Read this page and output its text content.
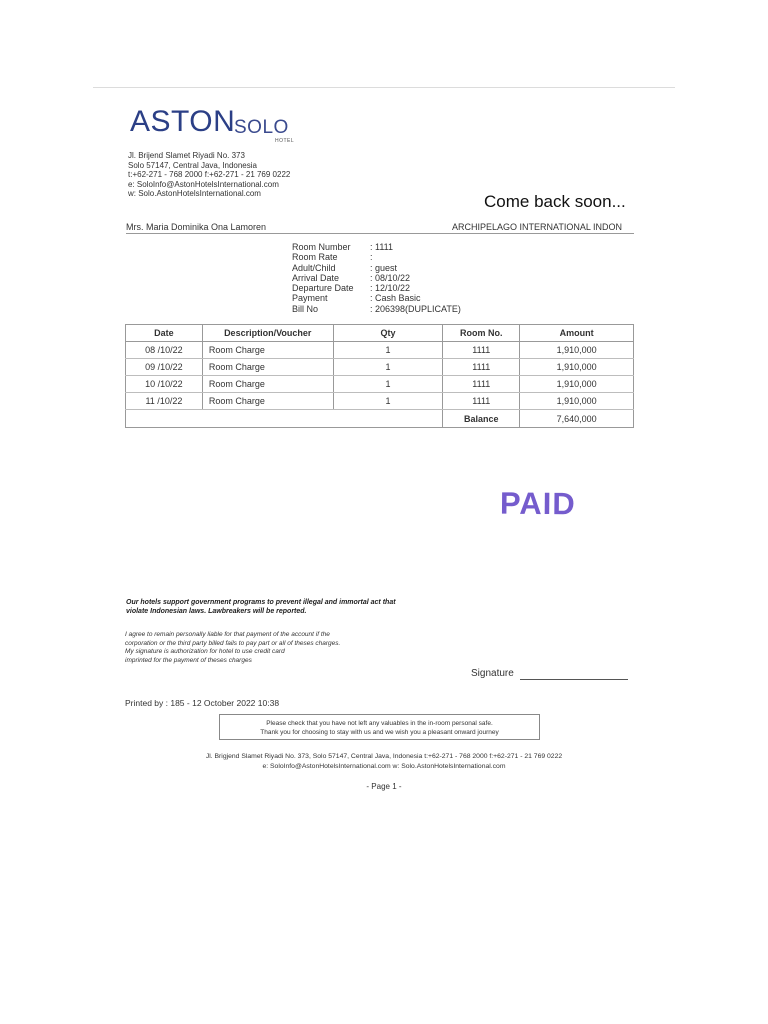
ASTON
SOLO
HOTEL
Jl. Brijend Slamet Riyadi No. 373
Solo 57147, Central Java, Indonesia
t:+62-271 - 768 2000 f:+62-271 - 21 769 0222
e: SoloInfo@AstonHotelsInternational.com
w: Solo.AstonHotelsInternational.com	Come back soon...
Mrs. Maria Dominika Ona Lamoren	ARCHIPELAGO INTERNATIONAL INDON
Room Number	: 1111
Room Rate	:
Adult/Child	: guest
Arrival Date	: 08/10/22
Departure Date	: 12/10/22
Payment	: Cash Basic
Bill No	: 206398(DUPLICATE)
Date	Description/Voucher	Qty	Room No.	Amount
08 /10/22	Room Charge	1	1111	1,910,000
09 /10/22	Room Charge	1	1111	1,910,000
10 /10/22	Room Charge	1	1111	1,910,000
11 /10/22	Room Charge	1	1111	1,910,000
			Balance	7,640,000
PAID
Our hotels support government programs to prevent illegal and immortal act that
violate Indonesian laws. Lawbreakers will be reported.
I agree to remain personally liable for that payment of the account if the
corporation or the third party billed fails to pay part or all of theses charges.
My signature is authorization for hotel to use credit card
imprinted for the payment of theses charges
Signature
Printed by : 185 - 12 October 2022 10:38
Please check that you have not left any valuables in the in-room personal safe.
Thank you for choosing to stay with us and we wish you a pleasant onward journey
Jl. Brigjend Slamet Riyadi No. 373, Solo 57147, Central Java, Indonesia t:+62-271 - 768 2000 f:+62-271 - 21 769 0222
e: SoloInfo@AstonHotelsInternational.com w: Solo.AstonHotelsInternational.com
- Page 1 -
